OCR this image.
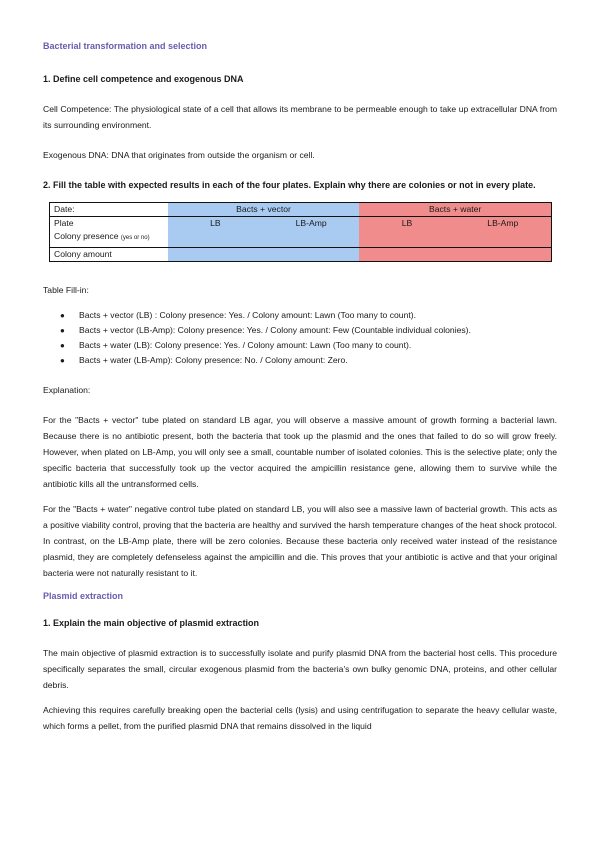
Bacterial transformation and selection

1. Define cell competence and exogenous DNA

Cell Competence: The physiological state of a cell that allows its membrane to be permeable enough to take up extracellular DNA from its surrounding environment.

Exogenous DNA: DNA that originates from outside the organism or cell.

2. Fill the table with expected results in each of the four plates. Explain why there are colonies or not in every plate.

Date:	Bacts + vector		Bacts + water	
Plate	LB	LB-Amp	LB	LB-Amp
Colony presence (yes or no)				
Colony amount				

Table Fill-in:

● Bacts + vector (LB) : Colony presence: Yes. / Colony amount: Lawn (Too many to count).
● Bacts + vector (LB-Amp): Colony presence: Yes. / Colony amount: Few (Countable individual colonies).
● Bacts + water (LB): Colony presence: Yes. / Colony amount: Lawn (Too many to count).
● Bacts + water (LB-Amp): Colony presence: No. / Colony amount: Zero.

Explanation:

For the "Bacts + vector" tube plated on standard LB agar, you will observe a massive amount of growth forming a bacterial lawn. Because there is no antibiotic present, both the bacteria that took up the plasmid and the ones that failed to do so will grow freely. However, when plated on LB-Amp, you will only see a small, countable number of isolated colonies. This is the selective plate; only the specific bacteria that successfully took up the vector acquired the ampicillin resistance gene, allowing them to survive while the antibiotic kills all the untransformed cells.

For the "Bacts + water" negative control tube plated on standard LB, you will also see a massive lawn of bacterial growth. This acts as a positive viability control, proving that the bacteria are healthy and survived the harsh temperature changes of the heat shock protocol. In contrast, on the LB-Amp plate, there will be zero colonies. Because these bacteria only received water instead of the resistance plasmid, they are completely defenseless against the ampicillin and die. This proves that your antibiotic is active and that your original bacteria were not naturally resistant to it.

Plasmid extraction

1. Explain the main objective of plasmid extraction

The main objective of plasmid extraction is to successfully isolate and purify plasmid DNA from the bacterial host cells. This procedure specifically separates the small, circular exogenous plasmid from the bacteria's own bulky genomic DNA, proteins, and other cellular debris.

Achieving this requires carefully breaking open the bacterial cells (lysis) and using centrifugation to separate the heavy cellular waste, which forms a pellet, from the purified plasmid DNA that remains dissolved in the liquid
